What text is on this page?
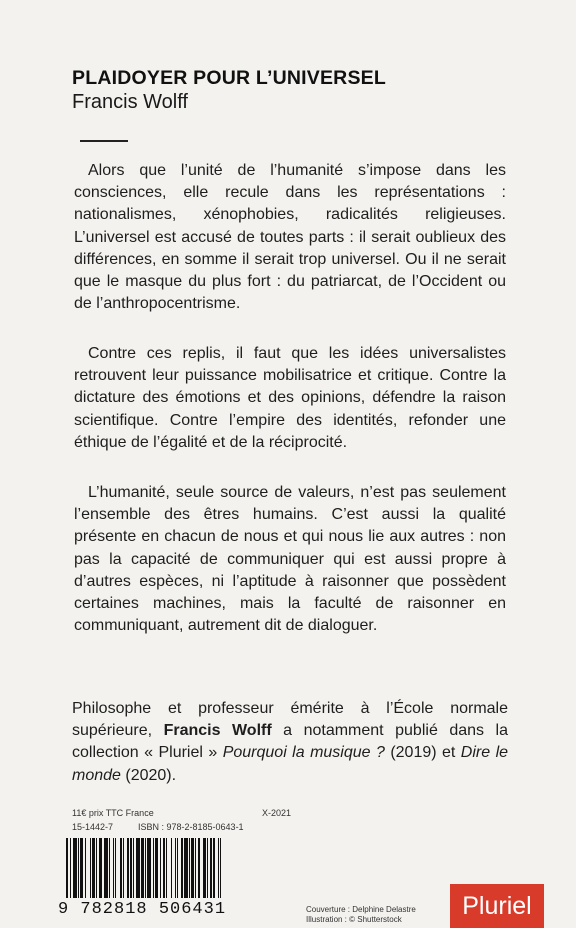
PLAIDOYER POUR L’UNIVERSEL
Francis Wolff
Alors que l’unité de l’humanité s’impose dans les consciences, elle recule dans les représentations : nationalismes, xénophobies, radicalités religieuses. L’universel est accusé de toutes parts : il serait oublieux des différences, en somme il serait trop universel. Ou il ne serait que le masque du plus fort : du patriarcat, de l’Occident ou de l’anthropocentrisme.
Contre ces replis, il faut que les idées universalistes retrouvent leur puissance mobilisatrice et critique. Contre la dictature des émotions et des opinions, défendre la raison scientifique. Contre l’empire des identités, refonder une éthique de l’égalité et de la réciprocité.
L’humanité, seule source de valeurs, n’est pas seulement l’ensemble des êtres humains. C’est aussi la qualité présente en chacun de nous et qui nous lie aux autres : non pas la capacité de communiquer qui est aussi propre à d’autres espèces, ni l’aptitude à raisonner que possèdent certaines machines, mais la faculté de raisonner en communiquant, autrement dit de dialoguer.
Philosophe et professeur émérite à l’École normale supérieure, Francis Wolff a notamment publié dans la collection « Pluriel » Pourquoi la musique ? (2019) et Dire le monde (2020).
11€ prix TTC France	X-2021
15-1442-7	ISBN : 978-2-8185-0643-1
9 782818 506431	Couverture : Delphine Delastre
Illustration : © Shutterstock	Pluriel
